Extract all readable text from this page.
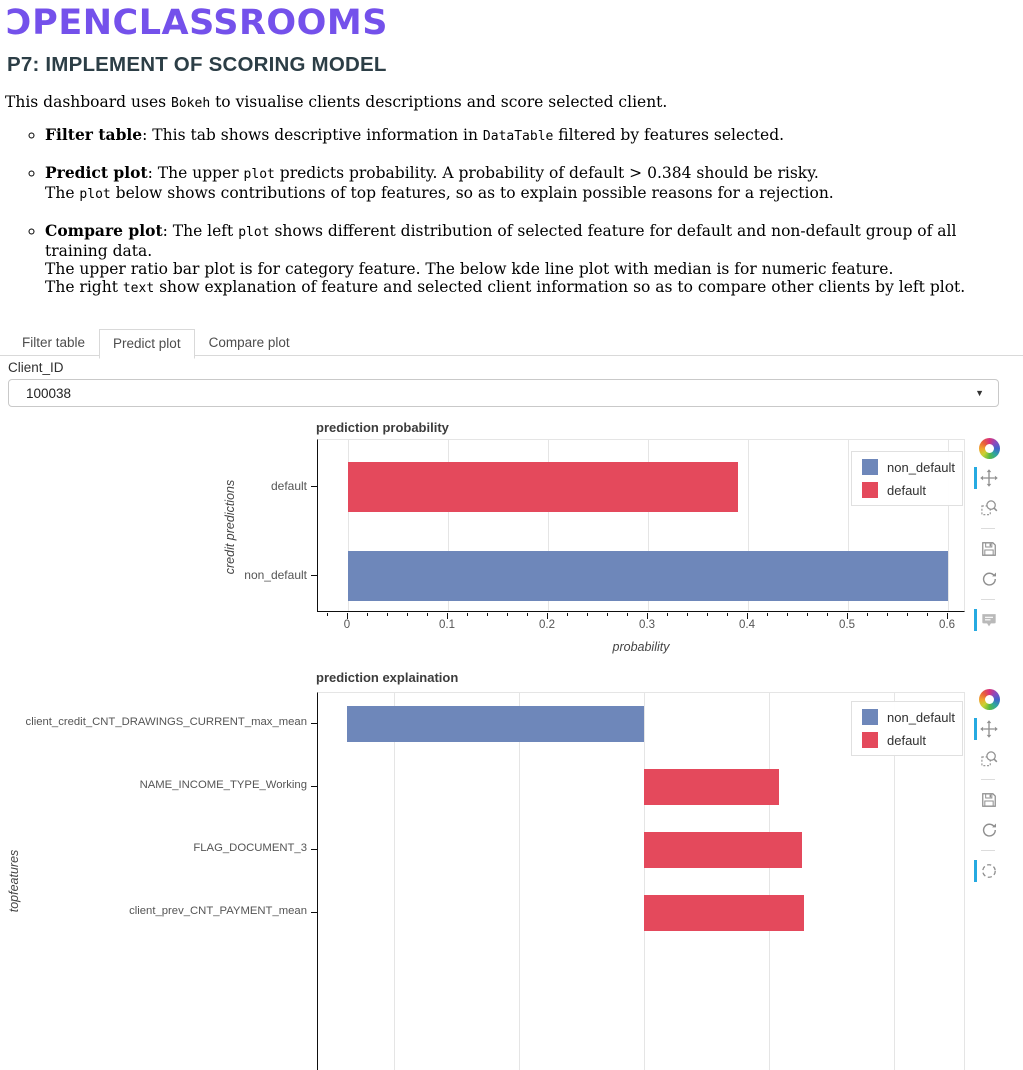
ƆPENCLASSROOMS
P7: IMPLEMENT OF SCORING MODEL
This dashboard uses Bokeh to visualise clients descriptions and score selected client.
◦ Filter table: This tab shows descriptive information in DataTable filtered by features selected.
◦ Predict plot: The upper plot predicts probability. A probability of default > 0.384 should be risky.
The plot below shows contributions of top features, so as to explain possible reasons for a rejection.
◦ Compare plot: The left plot shows different distribution of selected feature for default and non-default group of all training data.
The upper ratio bar plot is for category feature. The below kde line plot with median is for numeric feature.
The right text show explanation of feature and selected client information so as to compare other clients by left plot.
Filter table	Predict plot	Compare plot
Client_ID
100038	▼
prediction probability
default
non_default
0	0.1	0.2	0.3	0.4	0.5	0.6
probability
credit predictions
non_default
default
prediction explaination
client_credit_CNT_DRAWINGS_CURRENT_max_mean
NAME_INCOME_TYPE_Working
FLAG_DOCUMENT_3
client_prev_CNT_PAYMENT_mean
topfeatures
non_default
default
